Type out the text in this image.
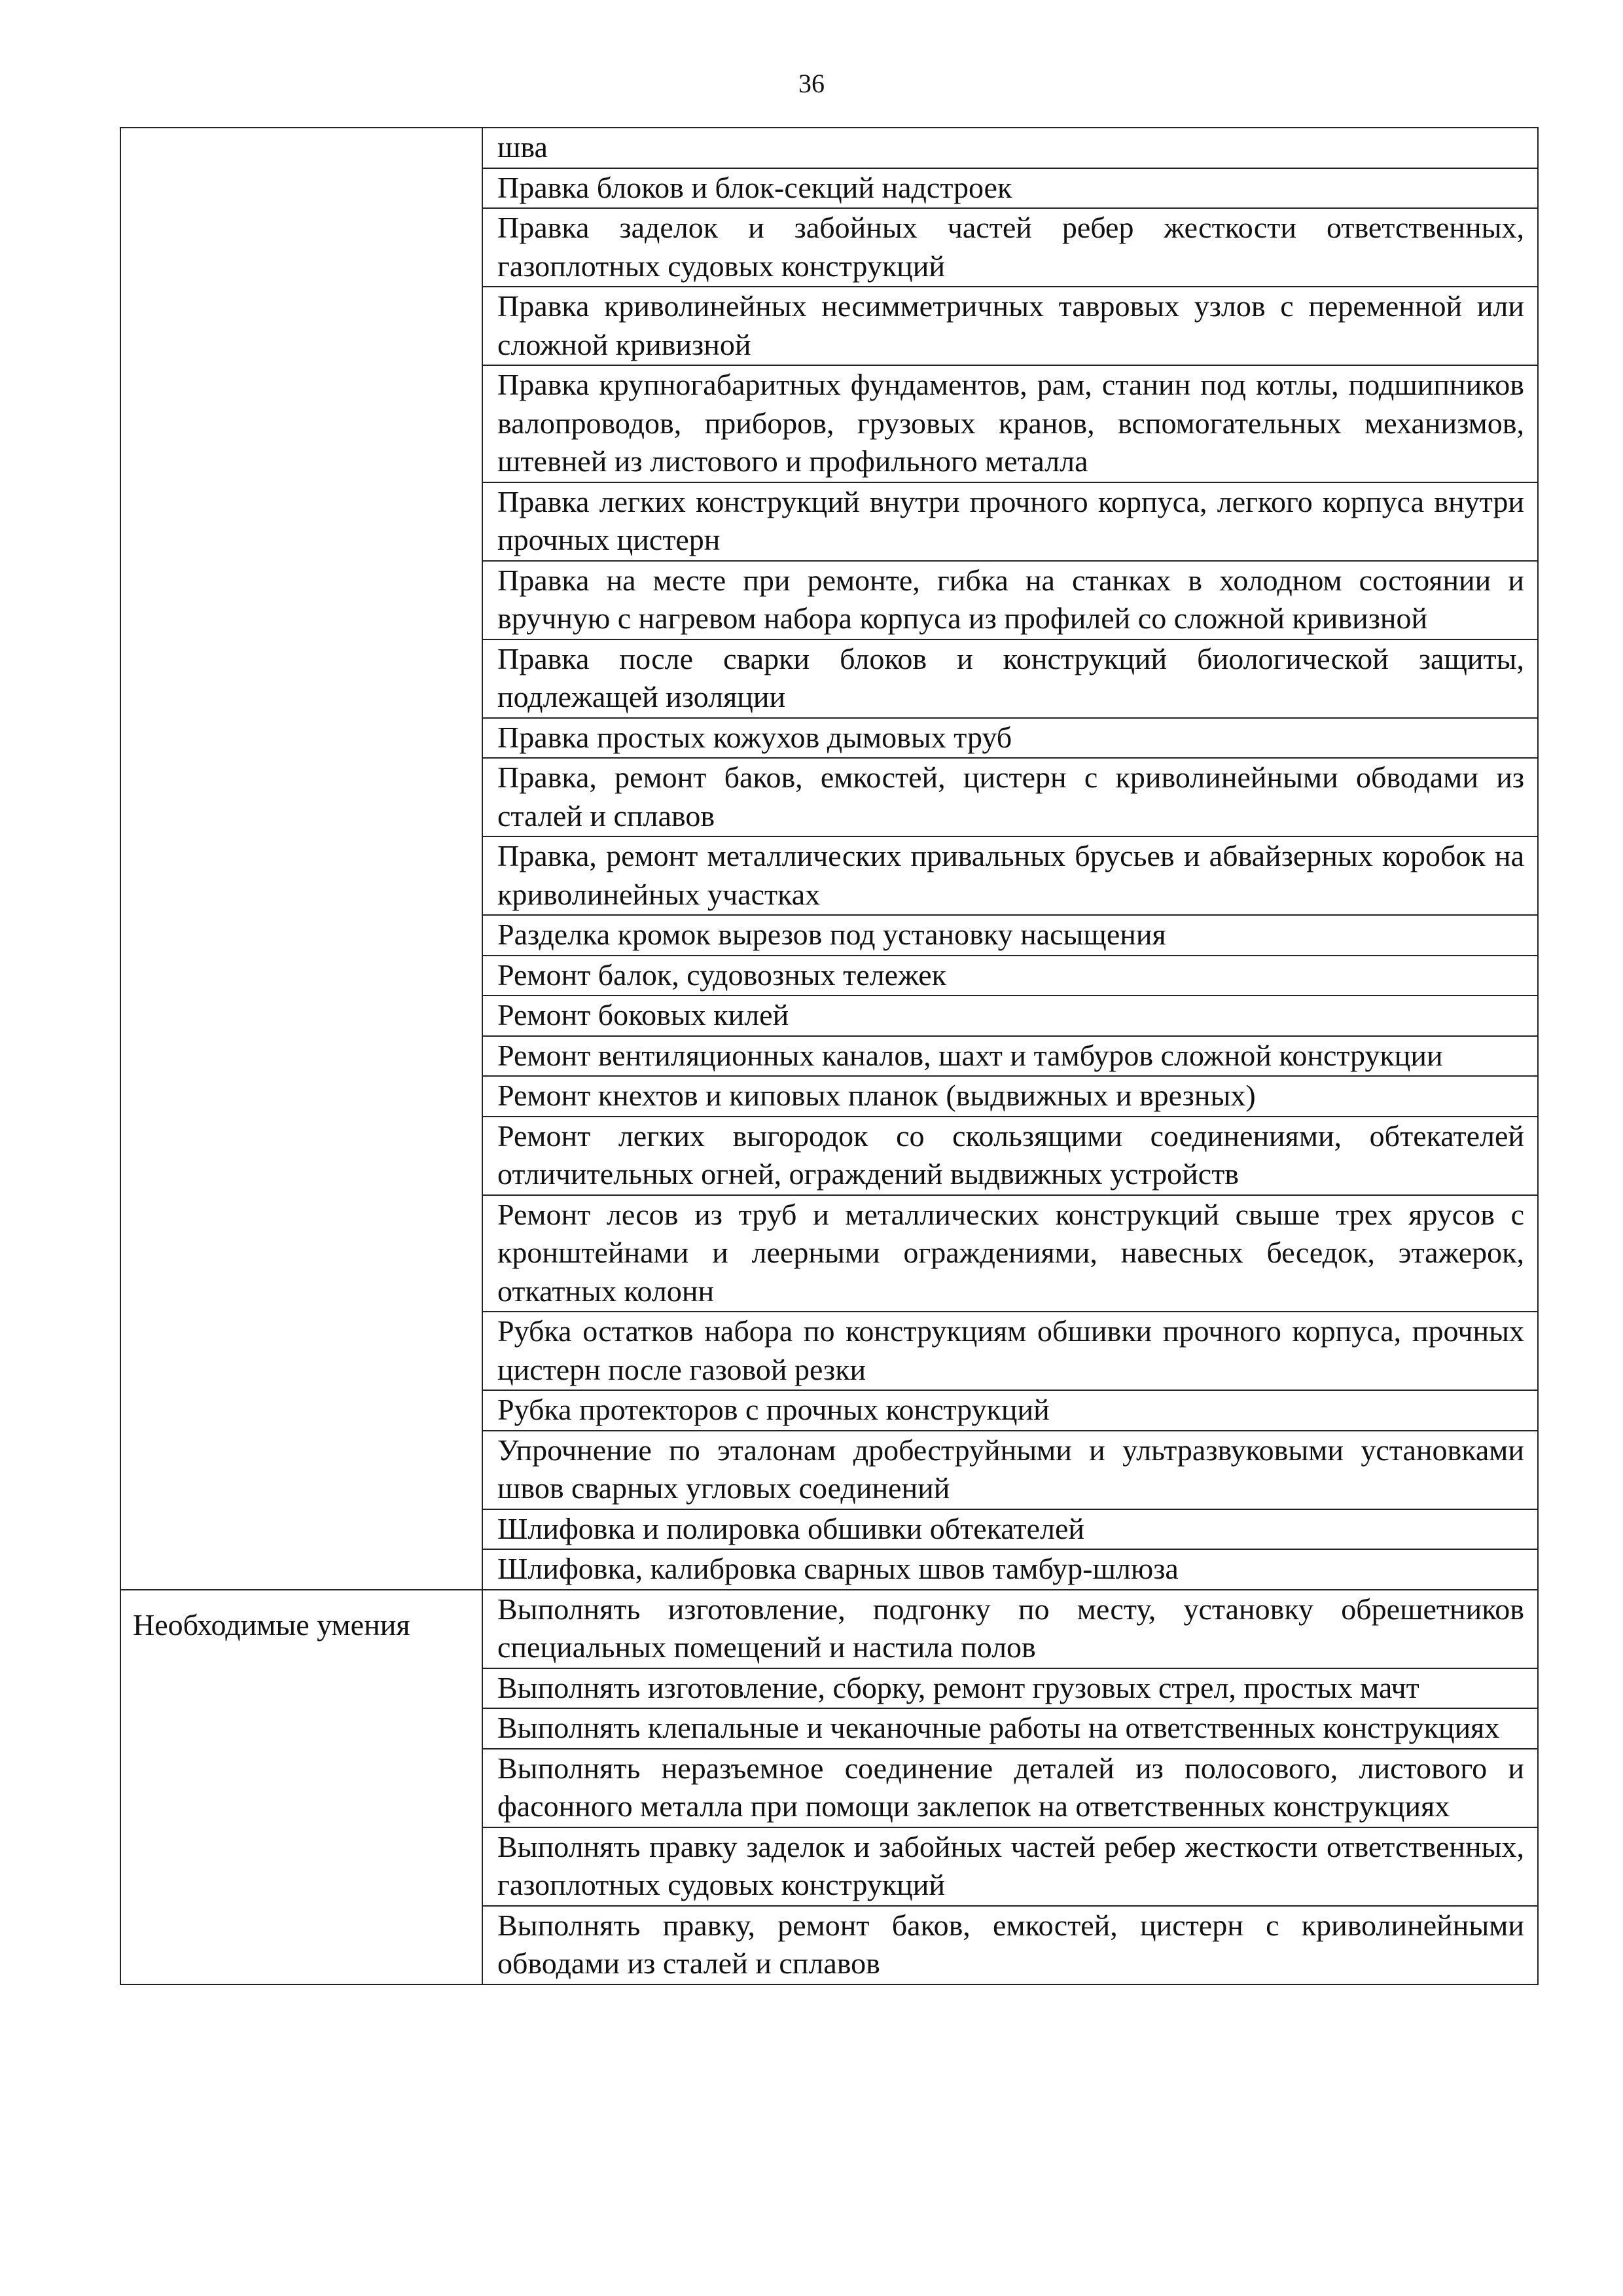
36

	шва

	Правка блоков и блок-секций надстроек

	Правка заделок и забойных частей ребер жесткости ответственных, газоплотных судовых конструкций

	Правка криволинейных несимметричных тавровых узлов с переменной или сложной кривизной

	Правка крупногабаритных фундаментов, рам, станин под котлы, подшипников валопроводов, приборов, грузовых кранов, вспомогательных механизмов, штевней из листового и профильного металла

	Правка легких конструкций внутри прочного корпуса, легкого корпуса внутри прочных цистерн

	Правка на месте при ремонте, гибка на станках в холодном состоянии и вручную с нагревом набора корпуса из профилей со сложной кривизной

	Правка после сварки блоков и конструкций биологической защиты, подлежащей изоляции

	Правка простых кожухов дымовых труб

	Правка, ремонт баков, емкостей, цистерн с криволинейными обводами из сталей и сплавов

	Правка, ремонт металлических привальных брусьев и абвайзерных коробок на криволинейных участках

	Разделка кромок вырезов под установку насыщения

	Ремонт балок, судовозных тележек

	Ремонт боковых килей

	Ремонт вентиляционных каналов, шахт и тамбуров сложной конструкции

	Ремонт кнехтов и киповых планок (выдвижных и врезных)

	Ремонт легких выгородок со скользящими соединениями, обтекателей отличительных огней, ограждений выдвижных устройств

	Ремонт лесов из труб и металлических конструкций свыше трех ярусов с кронштейнами и леерными ограждениями, навесных беседок, этажерок, откатных колонн

	Рубка остатков набора по конструкциям обшивки прочного корпуса, прочных цистерн после газовой резки

	Рубка протекторов с прочных конструкций

	Упрочнение по эталонам дробеструйными и ультразвуковыми установками швов сварных угловых соединений

	Шлифовка и полировка обшивки обтекателей

	Шлифовка, калибровка сварных швов тамбур-шлюза

Необходимые умения	Выполнять изготовление, подгонку по месту, установку обрешетников специальных помещений и настила полов

	Выполнять изготовление, сборку, ремонт грузовых стрел, простых мачт

	Выполнять клепальные и чеканочные работы на ответственных конструкциях

	Выполнять неразъемное соединение деталей из полосового, листового и фасонного металла при помощи заклепок на ответственных конструкциях

	Выполнять правку заделок и забойных частей ребер жесткости ответственных, газоплотных судовых конструкций

	Выполнять правку, ремонт баков, емкостей, цистерн с криволинейными обводами из сталей и сплавов
